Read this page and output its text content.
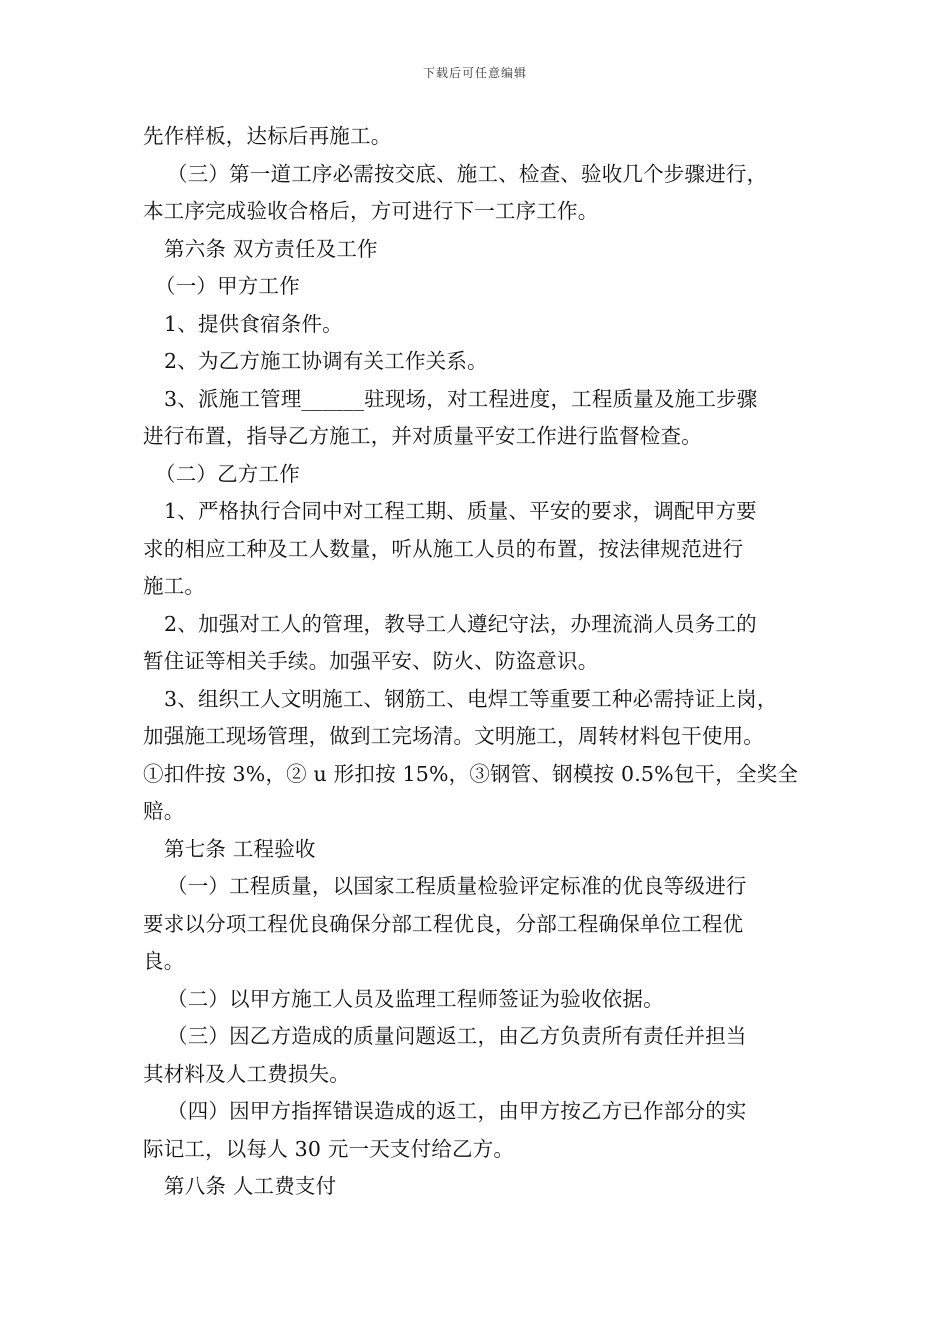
下载后可任意编辑
先作样板，达标后再施工。
（三）第一道工序必需按交底、施工、检查、验收几个步骤进行，
本工序完成验收合格后，方可进行下一工序工作。
第六条 双方责任及工作
（一）甲方工作
1、提供食宿条件。
2、为乙方施工协调有关工作关系。
3、派施工管理______驻现场，对工程进度，工程质量及施工步骤
进行布置，指导乙方施工，并对质量平安工作进行监督检查。
（二）乙方工作
1、严格执行合同中对工程工期、质量、平安的要求，调配甲方要
求的相应工种及工人数量，听从施工人员的布置，按法律规范进行
施工。
2、加强对工人的管理，教导工人遵纪守法，办理流淌人员务工的
暂住证等相关手续。加强平安、防火、防盗意识。
3、组织工人文明施工、钢筋工、电焊工等重要工种必需持证上岗，
加强施工现场管理，做到工完场清。文明施工，周转材料包干使用。
①扣件按 3%，② u 形扣按 15%，③钢管、钢模按 0.5%包干，全奖全
赔。
第七条 工程验收
（一）工程质量，以国家工程质量检验评定标准的优良等级进行
要求以分项工程优良确保分部工程优良，分部工程确保单位工程优
良。
（二）以甲方施工人员及监理工程师签证为验收依据。
（三）因乙方造成的质量问题返工，由乙方负责所有责任并担当
其材料及人工费损失。
（四）因甲方指挥错误造成的返工，由甲方按乙方已作部分的实
际记工，以每人 30 元一天支付给乙方。
第八条 人工费支付
